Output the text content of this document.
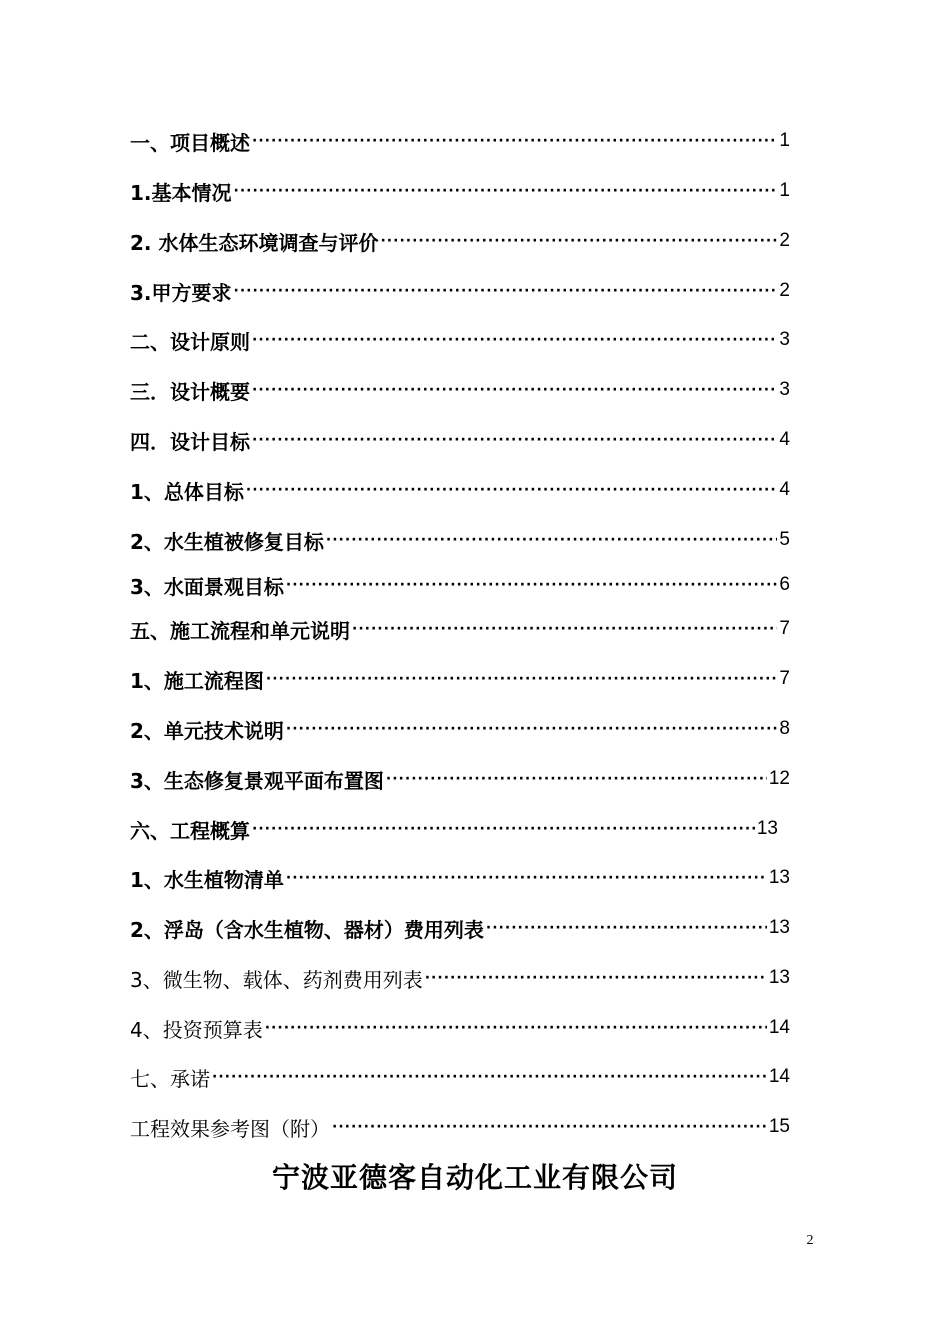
一、项目概述 ·····	1
1.基本情况 ·····	1
2. 水体生态环境调查与评价 ·····	2
3.甲方要求 ·····	2
二、设计原则 ·····	3
三．设计概要 ·····	3
四．设计目标 ·····	4
1、总体目标 ·····	4
2、水生植被修复目标 ·····	5
3、水面景观目标 ·····	6
五、施工流程和单元说明 ·····	7
1、施工流程图 ·····	7
2、单元技术说明 ·····	8
3、生态修复景观平面布置图 ·····	12
六、工程概算 ·····	13
1、水生植物清单 ·····	13
2、浮岛（含水生植物、器材）费用列表 ·····	13
3、微生物、载体、药剂费用列表 ·····	13
4、投资预算表 ·····	14
七、承诺 ·····	14
工程效果参考图（附） ·····	15
宁波亚德客自动化工业有限公司
2
